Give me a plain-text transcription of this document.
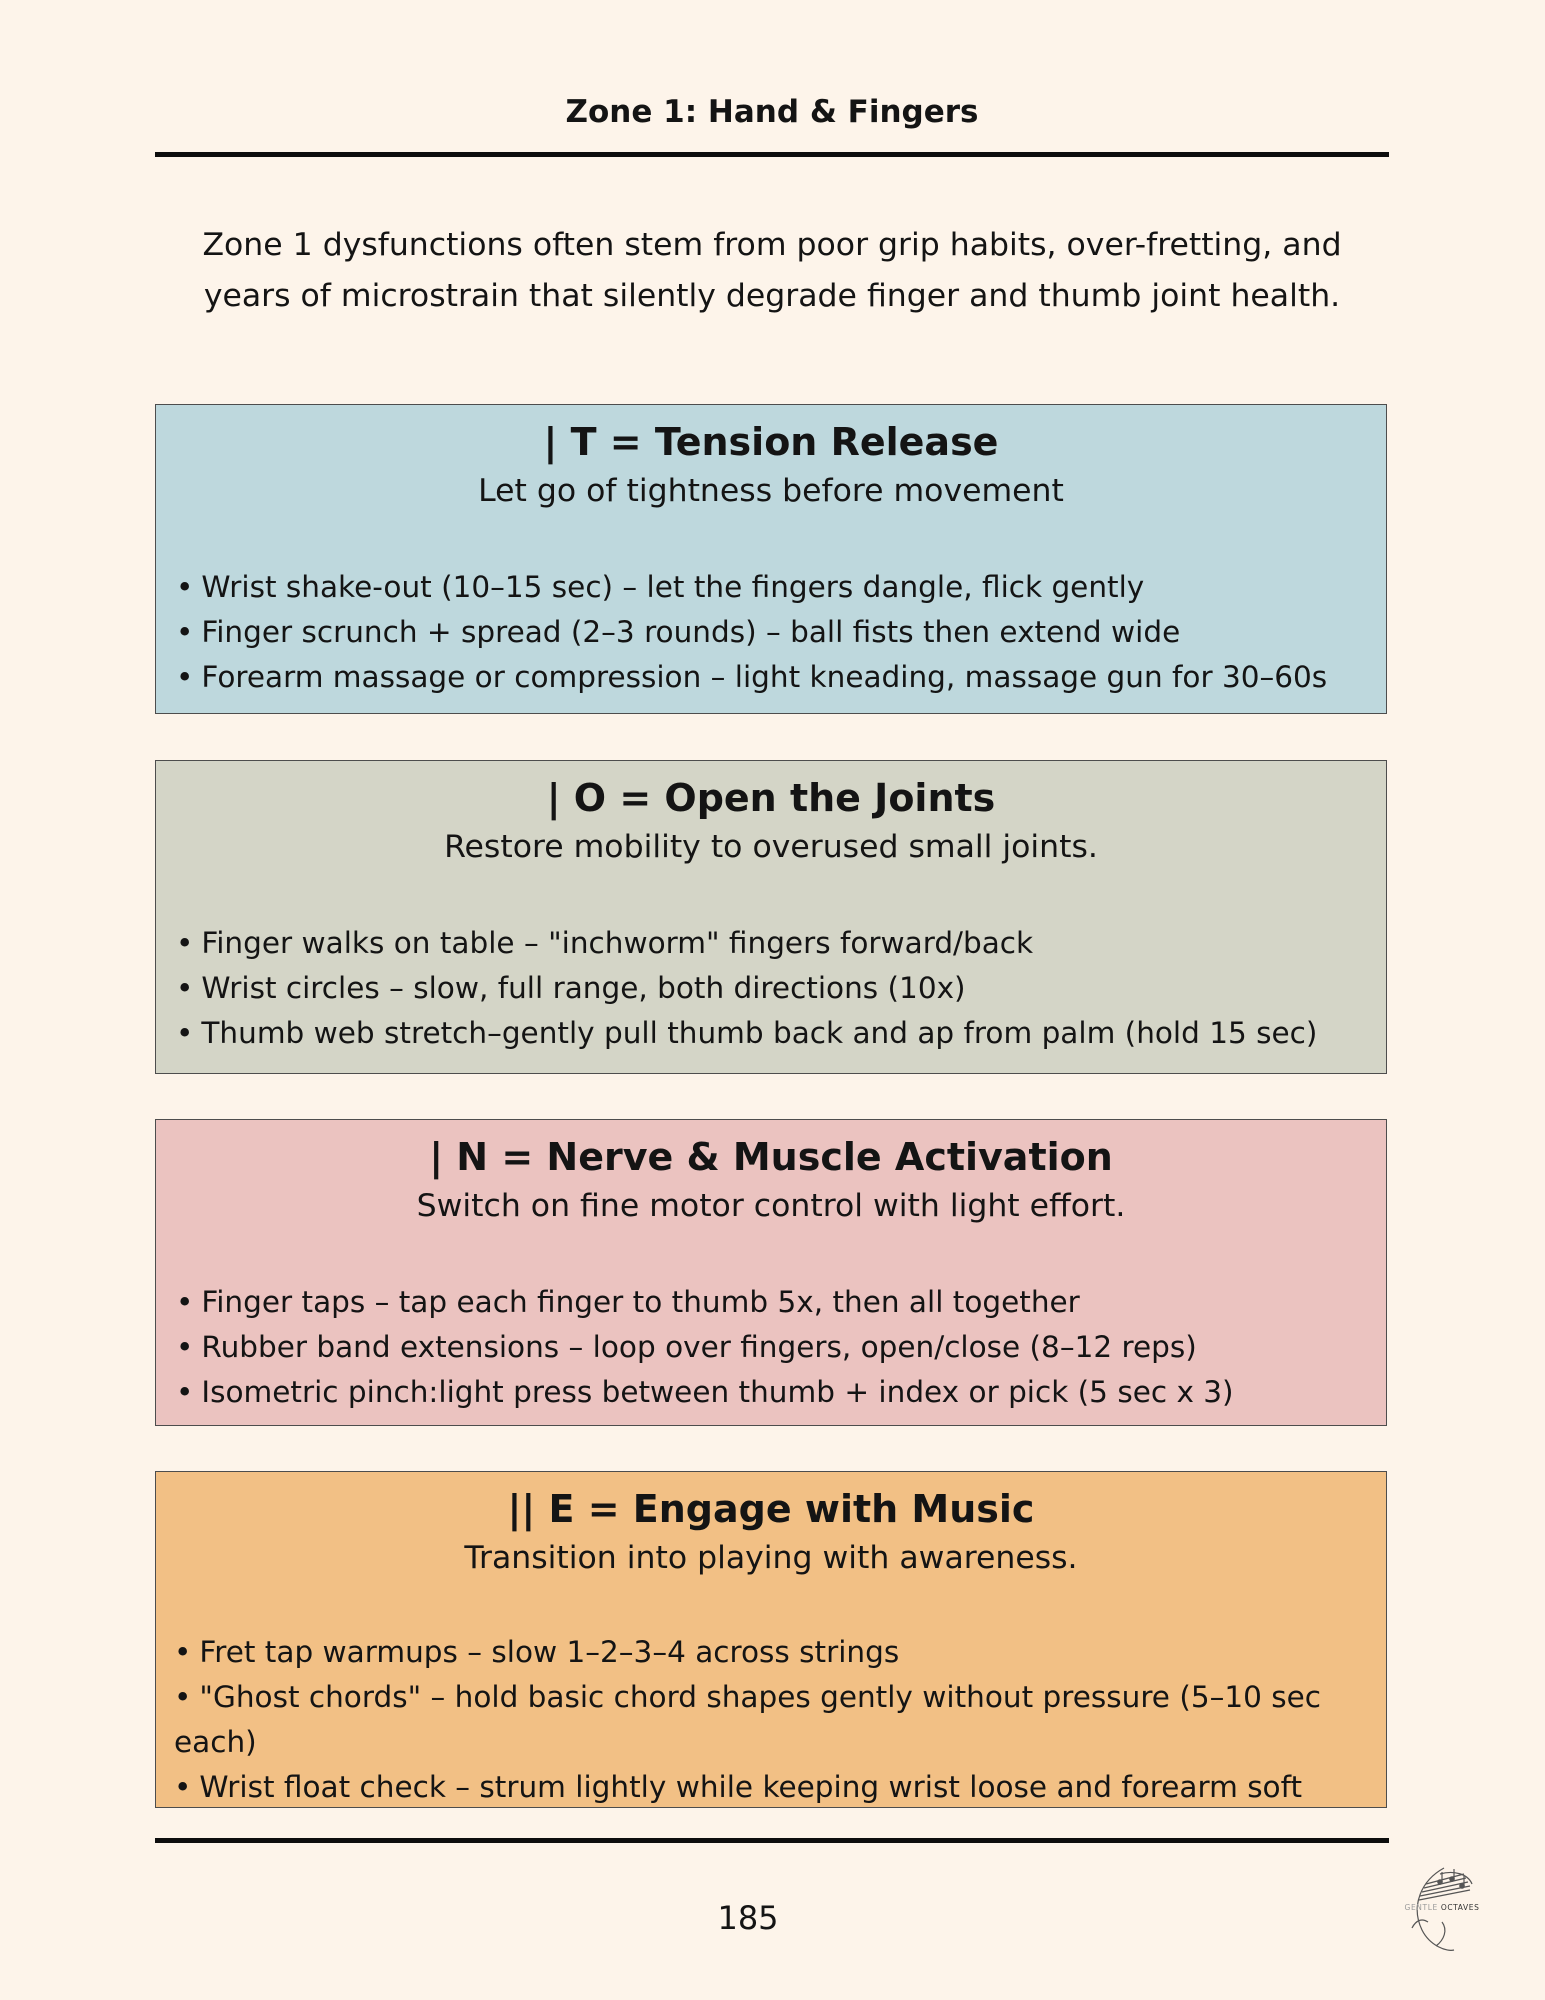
Zone 1: Hand & Fingers

Zone 1 dysfunctions often stem from poor grip habits, over-fretting, and

years of microstrain that silently degrade finger and thumb joint health.

| T = Tension Release
Let go of tightness before movement
• Wrist shake-out (10–15 sec) – let the fingers dangle, flick gently
• Finger scrunch + spread (2–3 rounds) – ball fists then extend wide
• Forearm massage or compression – light kneading, massage gun for 30–60s
| O = Open the Joints
Restore mobility to overused small joints.
• Finger walks on table – "inchworm" fingers forward/back
• Wrist circles – slow, full range, both directions (10x)
• Thumb web stretch–gently pull thumb back and ap from palm (hold 15 sec)
| N = Nerve & Muscle Activation
Switch on fine motor control with light effort.
• Finger taps – tap each finger to thumb 5x, then all together
• Rubber band extensions – loop over fingers, open/close (8–12 reps)
• Isometric pinch:light press between thumb + index or pick (5 sec x 3)
|| E = Engage with Music
Transition into playing with awareness.
• Fret tap warmups – slow 1–2–3–4 across strings
• "Ghost chords" – hold basic chord shapes gently without pressure (5–10 sec each)
• Wrist float check – strum lightly while keeping wrist loose and forearm soft
185	GENTLE OCTAVES
